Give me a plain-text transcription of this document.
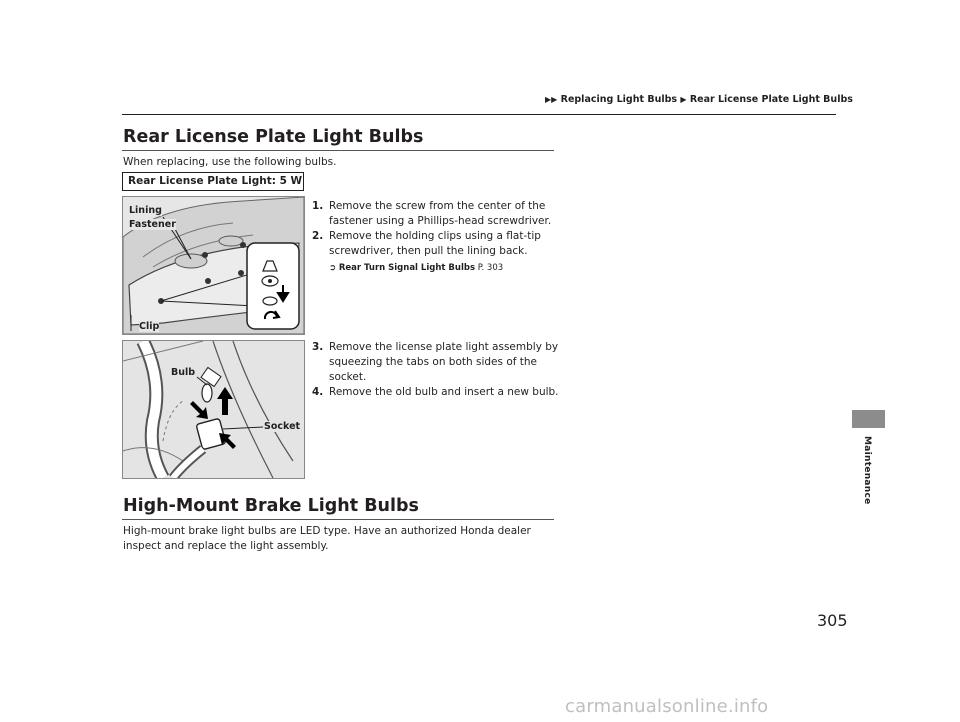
▶▶ Replacing Light Bulbs ▶ Rear License Plate Light Bulbs
Rear License Plate Light Bulbs
When replacing, use the following bulbs.
Rear License Plate Light: 5 W

1. Remove the screw from the center of the fastener using a Phillips-head screwdriver.

2. Remove the holding clips using a flat-tip screwdriver, then pull the lining back.

➲ Rear Turn Signal Light Bulbs P. 303
Lining
Fastener
Clip

3. Remove the license plate light assembly by squeezing the tabs on both sides of the socket.

4. Remove the old bulb and insert a new bulb.

Bulb
Socket
High-Mount Brake Light Bulbs
High-mount brake light bulbs are LED type. Have an authorized Honda dealer inspect and replace the light assembly.
Maintenance
305
carmanualsonline.info
